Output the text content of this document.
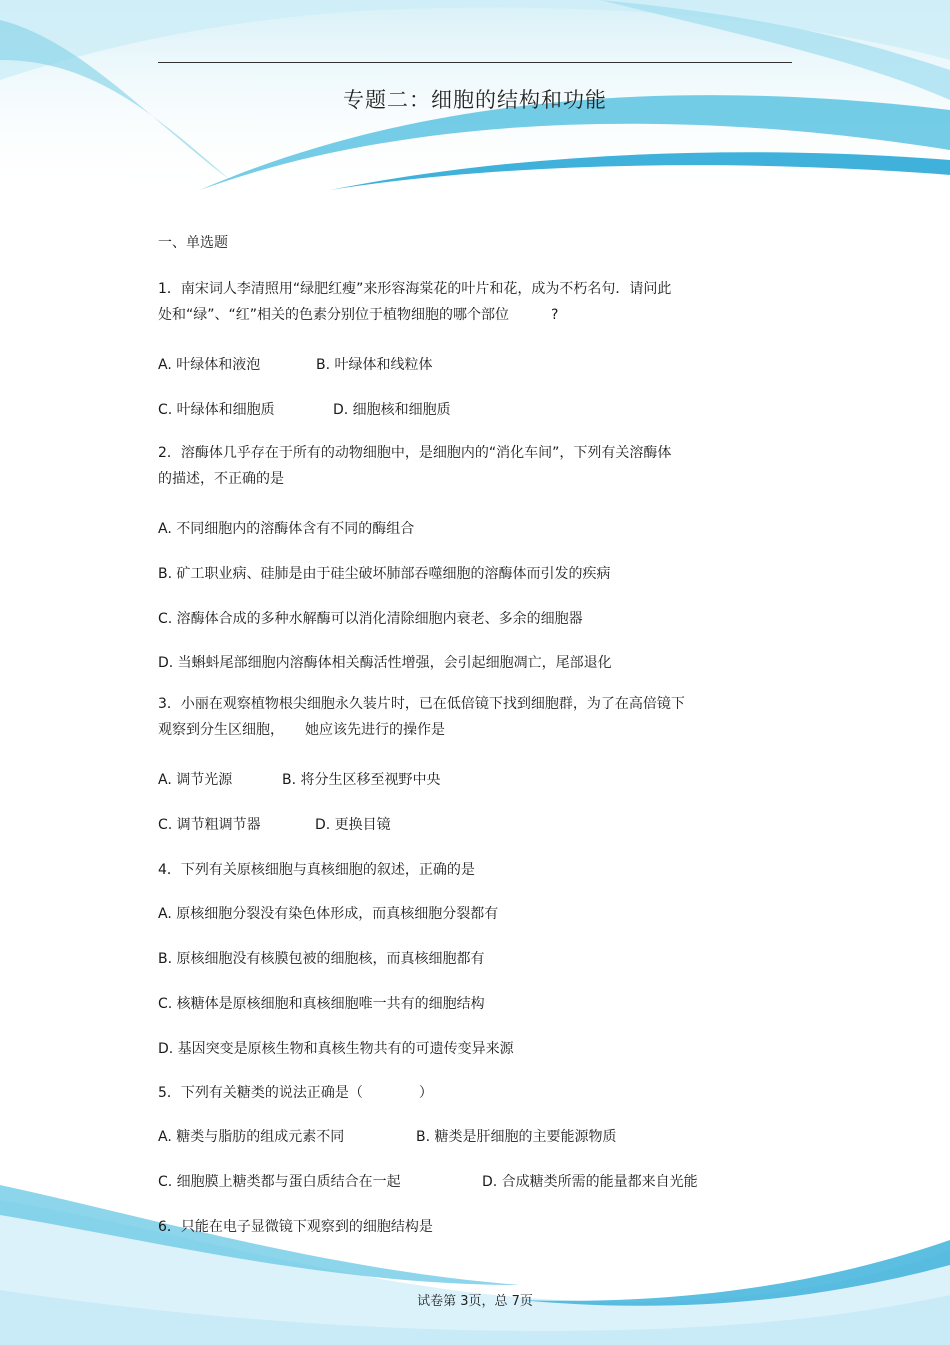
专题二：细胞的结构和功能
一、单选题
1．南宋词人李清照用“绿肥红瘦”来形容海棠花的叶片和花，成为不朽名句．请问此
处和“绿”、“红”相关的色素分别位于植物细胞的哪个部位　　　?
A. 叶绿体和液泡	B. 叶绿体和线粒体
C. 叶绿体和细胞质	D. 细胞核和细胞质
2．溶酶体几乎存在于所有的动物细胞中，是细胞内的“消化车间”，下列有关溶酶体
的描述，不正确的是
A. 不同细胞内的溶酶体含有不同的酶组合
B. 矿工职业病、硅肺是由于硅尘破坏肺部吞噬细胞的溶酶体而引发的疾病
C. 溶酶体合成的多种水解酶可以消化清除细胞内衰老、多余的细胞器
D. 当蝌蚪尾部细胞内溶酶体相关酶活性增强，会引起细胞凋亡，尾部退化
3．小丽在观察植物根尖细胞永久装片时，已在低倍镜下找到细胞群，为了在高倍镜下
观察到分生区细胞，　　她应该先进行的操作是
A. 调节光源	B. 将分生区移至视野中央
C. 调节粗调节器	D. 更换目镜
4．下列有关原核细胞与真核细胞的叙述，正确的是
A. 原核细胞分裂没有染色体形成，而真核细胞分裂都有
B. 原核细胞没有核膜包被的细胞核，而真核细胞都有
C. 核糖体是原核细胞和真核细胞唯一共有的细胞结构
D. 基因突变是原核生物和真核生物共有的可遗传变异来源
5．下列有关糖类的说法正确是（　　　　）
A. 糖类与脂肪的组成元素不同	B. 糖类是肝细胞的主要能源物质
C. 细胞膜上糖类都与蛋白质结合在一起	D. 合成糖类所需的能量都来自光能
6．只能在电子显微镜下观察到的细胞结构是
试卷第 3页，总 7页
